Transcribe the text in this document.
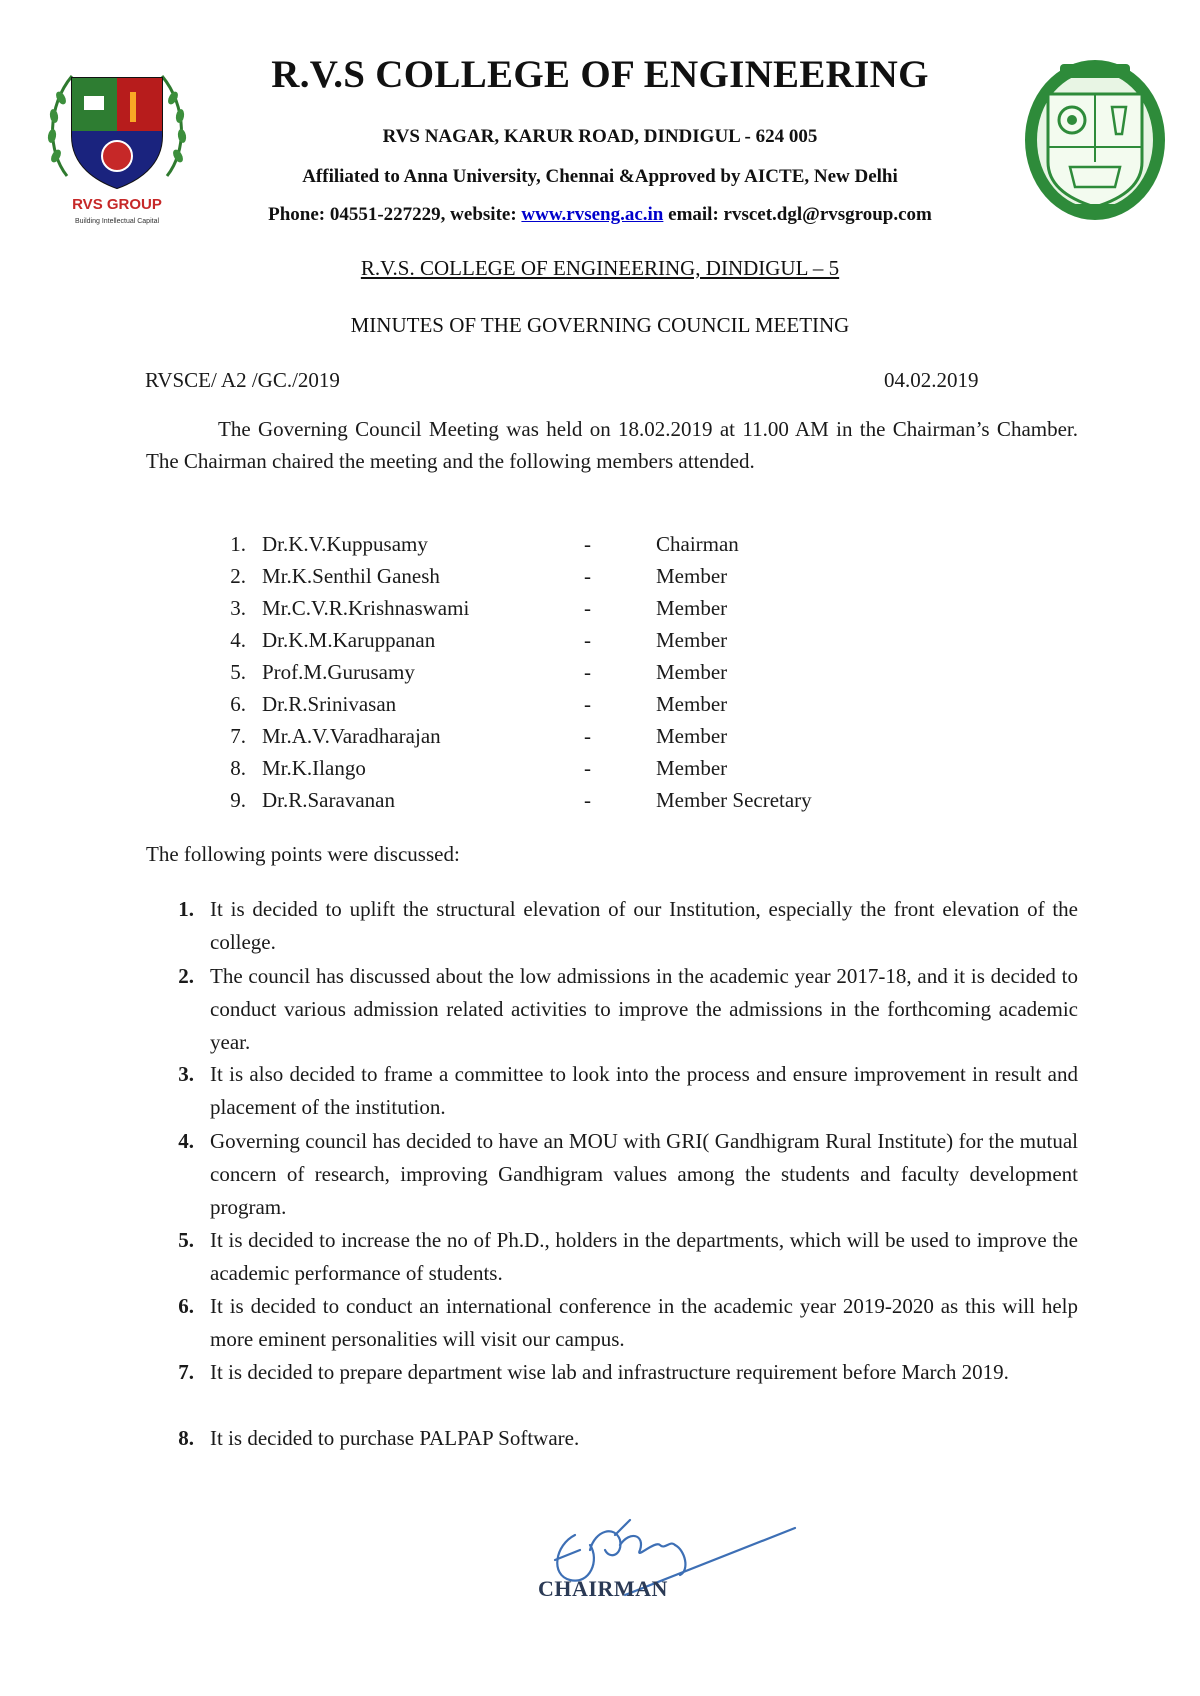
RVS GROUP
Building Intellectual Capital
R.V.S COLLEGE OF ENGINEERING
RVS NAGAR, KARUR ROAD, DINDIGUL - 624 005
Affiliated to Anna University, Chennai &Approved by AICTE, New Delhi
Phone: 04551-227229, website: www.rvseng.ac.in email: rvscet.dgl@rvsgroup.com
R.V.S. COLLEGE OF ENGINEERING, DINDIGUL – 5
MINUTES OF THE GOVERNING COUNCIL MEETING
RVSCE/ A2 /GC./2019	04.02.2019
The Governing Council Meeting was held on 18.02.2019 at 11.00 AM in the Chairman’s Chamber. The Chairman chaired the meeting and the following members attended.
1. Dr.K.V.Kuppusamy	-	Chairman
2. Mr.K.Senthil Ganesh	-	Member
3. Mr.C.V.R.Krishnaswami	-	Member
4. Dr.K.M.Karuppanan	-	Member
5. Prof.M.Gurusamy	-	Member
6. Dr.R.Srinivasan	-	Member
7. Mr.A.V.Varadharajan	-	Member
8. Mr.K.Ilango	-	Member
9. Dr.R.Saravanan	-	Member Secretary
The following points were discussed:
1. It is decided to uplift the structural elevation of our Institution, especially the front elevation of the college.
2. The council has discussed about the low admissions in the academic year 2017-18, and it is decided to conduct various admission related activities to improve the admissions in the forthcoming academic year.
3. It is also decided to frame a committee to look into the process and ensure improvement in result and placement of the institution.
4. Governing council has decided to have an MOU with GRI( Gandhigram Rural Institute) for the mutual concern of research, improving Gandhigram values among the students and faculty development program.
5. It is decided to increase the no of Ph.D., holders in the departments, which will be used to improve the academic performance of students.
6. It is decided to conduct an international conference in the academic year 2019-2020 as this will help more eminent personalities will visit our campus.
7. It is decided to prepare department wise lab and infrastructure requirement before March 2019.
8. It is decided to purchase PALPAP Software.
CHAIRMAN
